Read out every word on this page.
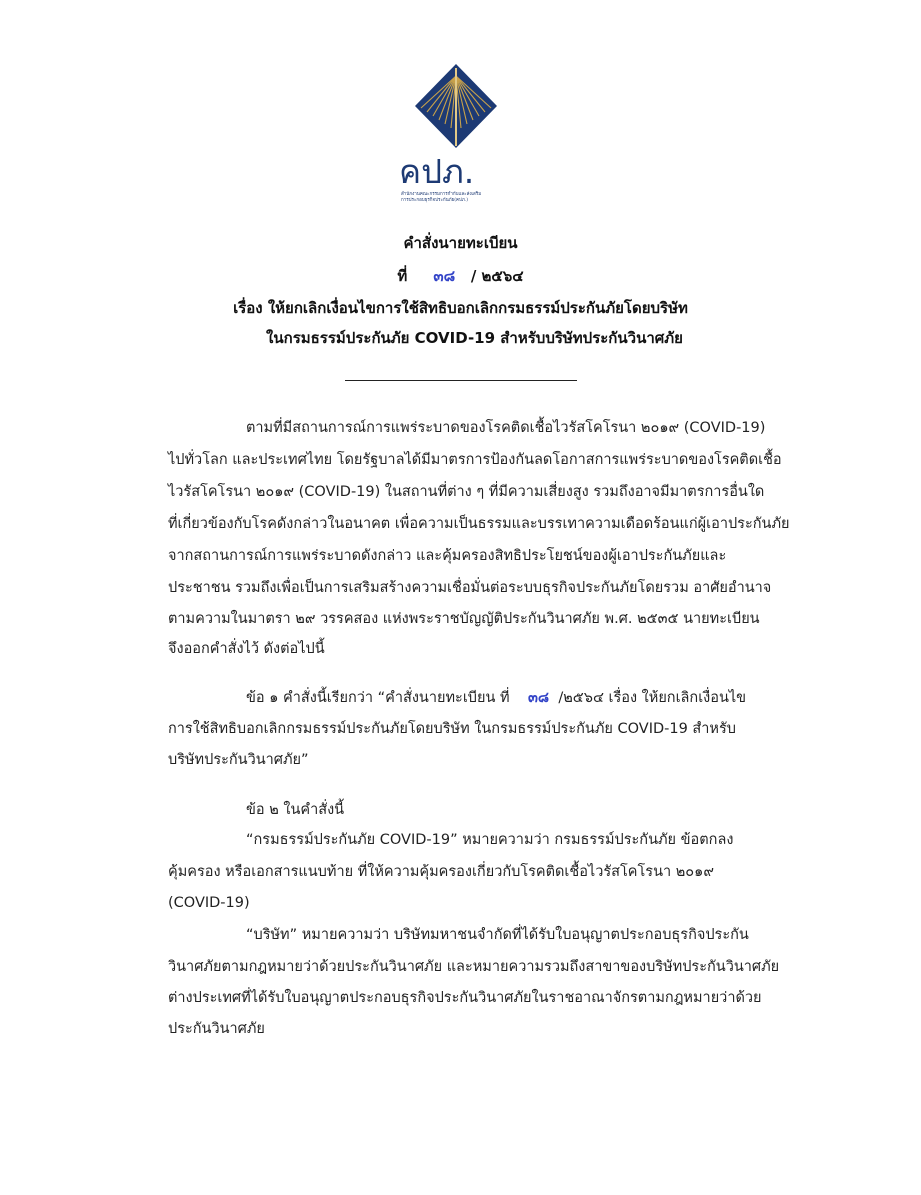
คปภ.
สำนักงานคณะกรรมการกำกับและส่งเสริม
การประกอบธุรกิจประกันภัย(คปภ.)
คำสั่งนายทะเบียน
ที่ ๓๘ / ๒๕๖๔
เรื่อง ให้ยกเลิกเงื่อนไขการใช้สิทธิบอกเลิกกรมธรรม์ประกันภัยโดยบริษัท
ในกรมธรรม์ประกันภัย COVID-19 สำหรับบริษัทประกันวินาศภัย
ตามที่มีสถานการณ์การแพร่ระบาดของโรคติดเชื้อไวรัสโคโรนา ๒๐๑๙ (COVID-19)
ไปทั่วโลก และประเทศไทย โดยรัฐบาลได้มีมาตรการป้องกันลดโอกาสการแพร่ระบาดของโรคติดเชื้อ
ไวรัสโคโรนา ๒๐๑๙ (COVID-19) ในสถานที่ต่าง ๆ ที่มีความเสี่ยงสูง รวมถึงอาจมีมาตรการอื่นใด
ที่เกี่ยวข้องกับโรคดังกล่าวในอนาคต เพื่อความเป็นธรรมและบรรเทาความเดือดร้อนแก่ผู้เอาประกันภัย
จากสถานการณ์การแพร่ระบาดดังกล่าว และคุ้มครองสิทธิประโยชน์ของผู้เอาประกันภัยและ
ประชาชน รวมถึงเพื่อเป็นการเสริมสร้างความเชื่อมั่นต่อระบบธุรกิจประกันภัยโดยรวม อาศัยอำนาจ
ตามความในมาตรา ๒๙ วรรคสอง แห่งพระราชบัญญัติประกันวินาศภัย พ.ศ. ๒๕๓๕ นายทะเบียน
จึงออกคำสั่งไว้ ดังต่อไปนี้
ข้อ ๑ คำสั่งนี้เรียกว่า “คำสั่งนายทะเบียน ที่ ๓๘ /๒๕๖๔ เรื่อง ให้ยกเลิกเงื่อนไข
การใช้สิทธิบอกเลิกกรมธรรม์ประกันภัยโดยบริษัท ในกรมธรรม์ประกันภัย COVID-19 สำหรับ
บริษัทประกันวินาศภัย”
ข้อ ๒ ในคำสั่งนี้
“กรมธรรม์ประกันภัย COVID-19” หมายความว่า กรมธรรม์ประกันภัย ข้อตกลง
คุ้มครอง หรือเอกสารแนบท้าย ที่ให้ความคุ้มครองเกี่ยวกับโรคติดเชื้อไวรัสโคโรนา ๒๐๑๙
(COVID-19)
“บริษัท” หมายความว่า บริษัทมหาชนจำกัดที่ได้รับใบอนุญาตประกอบธุรกิจประกัน
วินาศภัยตามกฎหมายว่าด้วยประกันวินาศภัย และหมายความรวมถึงสาขาของบริษัทประกันวินาศภัย
ต่างประเทศที่ได้รับใบอนุญาตประกอบธุรกิจประกันวินาศภัยในราชอาณาจักรตามกฎหมายว่าด้วย
ประกันวินาศภัย
